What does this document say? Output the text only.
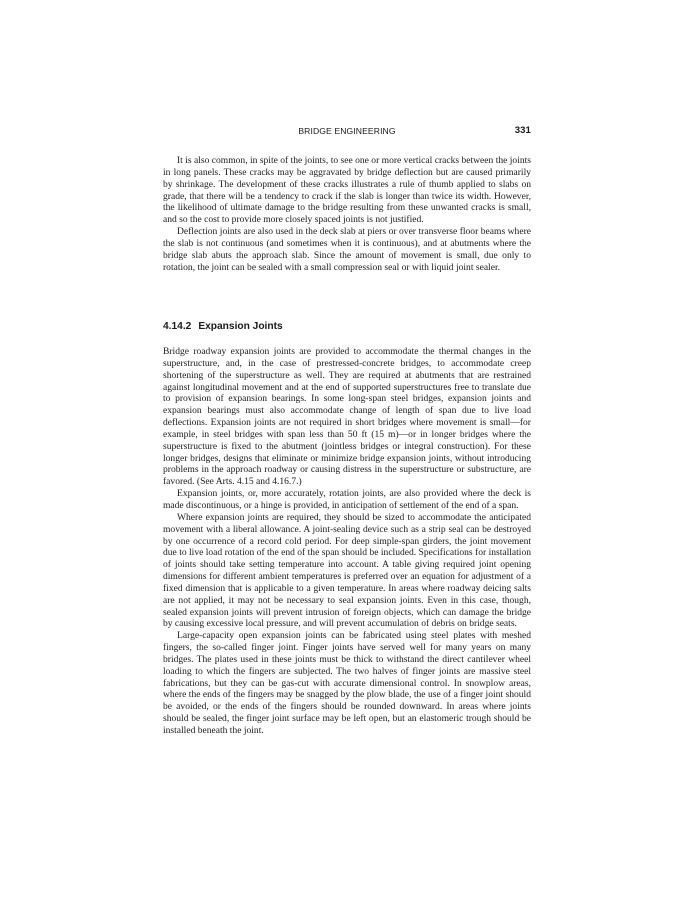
BRIDGE ENGINEERING	331

It is also common, in spite of the joints, to see one or more vertical cracks between the joints in long panels. These cracks may be aggravated by bridge deflection but are caused primarily by shrinkage. The development of these cracks illustrates a rule of thumb applied to slabs on grade, that there will be a tendency to crack if the slab is longer than twice its width. However, the likelihood of ultimate damage to the bridge resulting from these unwanted cracks is small, and so the cost to provide more closely spaced joints is not justified.

Deflection joints are also used in the deck slab at piers or over transverse floor beams where the slab is not continuous (and sometimes when it is continuous), and at abutments where the bridge slab abuts the approach slab. Since the amount of movement is small, due only to rotation, the joint can be sealed with a small compression seal or with liquid joint sealer.

4.14.2 Expansion Joints

Bridge roadway expansion joints are provided to accommodate the thermal changes in the superstructure, and, in the case of prestressed-concrete bridges, to accommodate creep shortening of the superstructure as well. They are required at abutments that are restrained against longitudinal movement and at the end of supported superstructures free to translate due to provision of expansion bearings. In some long-span steel bridges, expansion joints and expansion bearings must also accommodate change of length of span due to live load deflections. Expansion joints are not required in short bridges where movement is small—for example, in steel bridges with span less than 50 ft (15 m)—or in longer bridges where the superstructure is fixed to the abutment (jointless bridges or integral construction). For these longer bridges, designs that eliminate or minimize bridge expansion joints, without introducing problems in the approach roadway or causing distress in the superstructure or substructure, are favored. (See Arts. 4.15 and 4.16.7.)

Expansion joints, or, more accurately, rotation joints, are also provided where the deck is made discontinuous, or a hinge is provided, in anticipation of settlement of the end of a span.

Where expansion joints are required, they should be sized to accommodate the anticipated movement with a liberal allowance. A joint-sealing device such as a strip seal can be destroyed by one occurrence of a record cold period. For deep simple-span girders, the joint movement due to live load rotation of the end of the span should be included. Specifications for installation of joints should take setting temperature into account. A table giving required joint opening dimensions for different ambient temperatures is preferred over an equation for adjustment of a fixed dimension that is applicable to a given temperature. In areas where roadway deicing salts are not applied, it may not be necessary to seal expansion joints. Even in this case, though, sealed expansion joints will prevent intrusion of foreign objects, which can damage the bridge by causing excessive local pressure, and will prevent accumulation of debris on bridge seats.

Large-capacity open expansion joints can be fabricated using steel plates with meshed fingers, the so-called finger joint. Finger joints have served well for many years on many bridges. The plates used in these joints must be thick to withstand the direct cantilever wheel loading to which the fingers are subjected. The two halves of finger joints are massive steel fabrications, but they can be gas-cut with accurate dimensional control. In snowplow areas, where the ends of the fingers may be snagged by the plow blade, the use of a finger joint should be avoided, or the ends of the fingers should be rounded downward. In areas where joints should be sealed, the finger joint surface may be left open, but an elastomeric trough should be installed beneath the joint.
